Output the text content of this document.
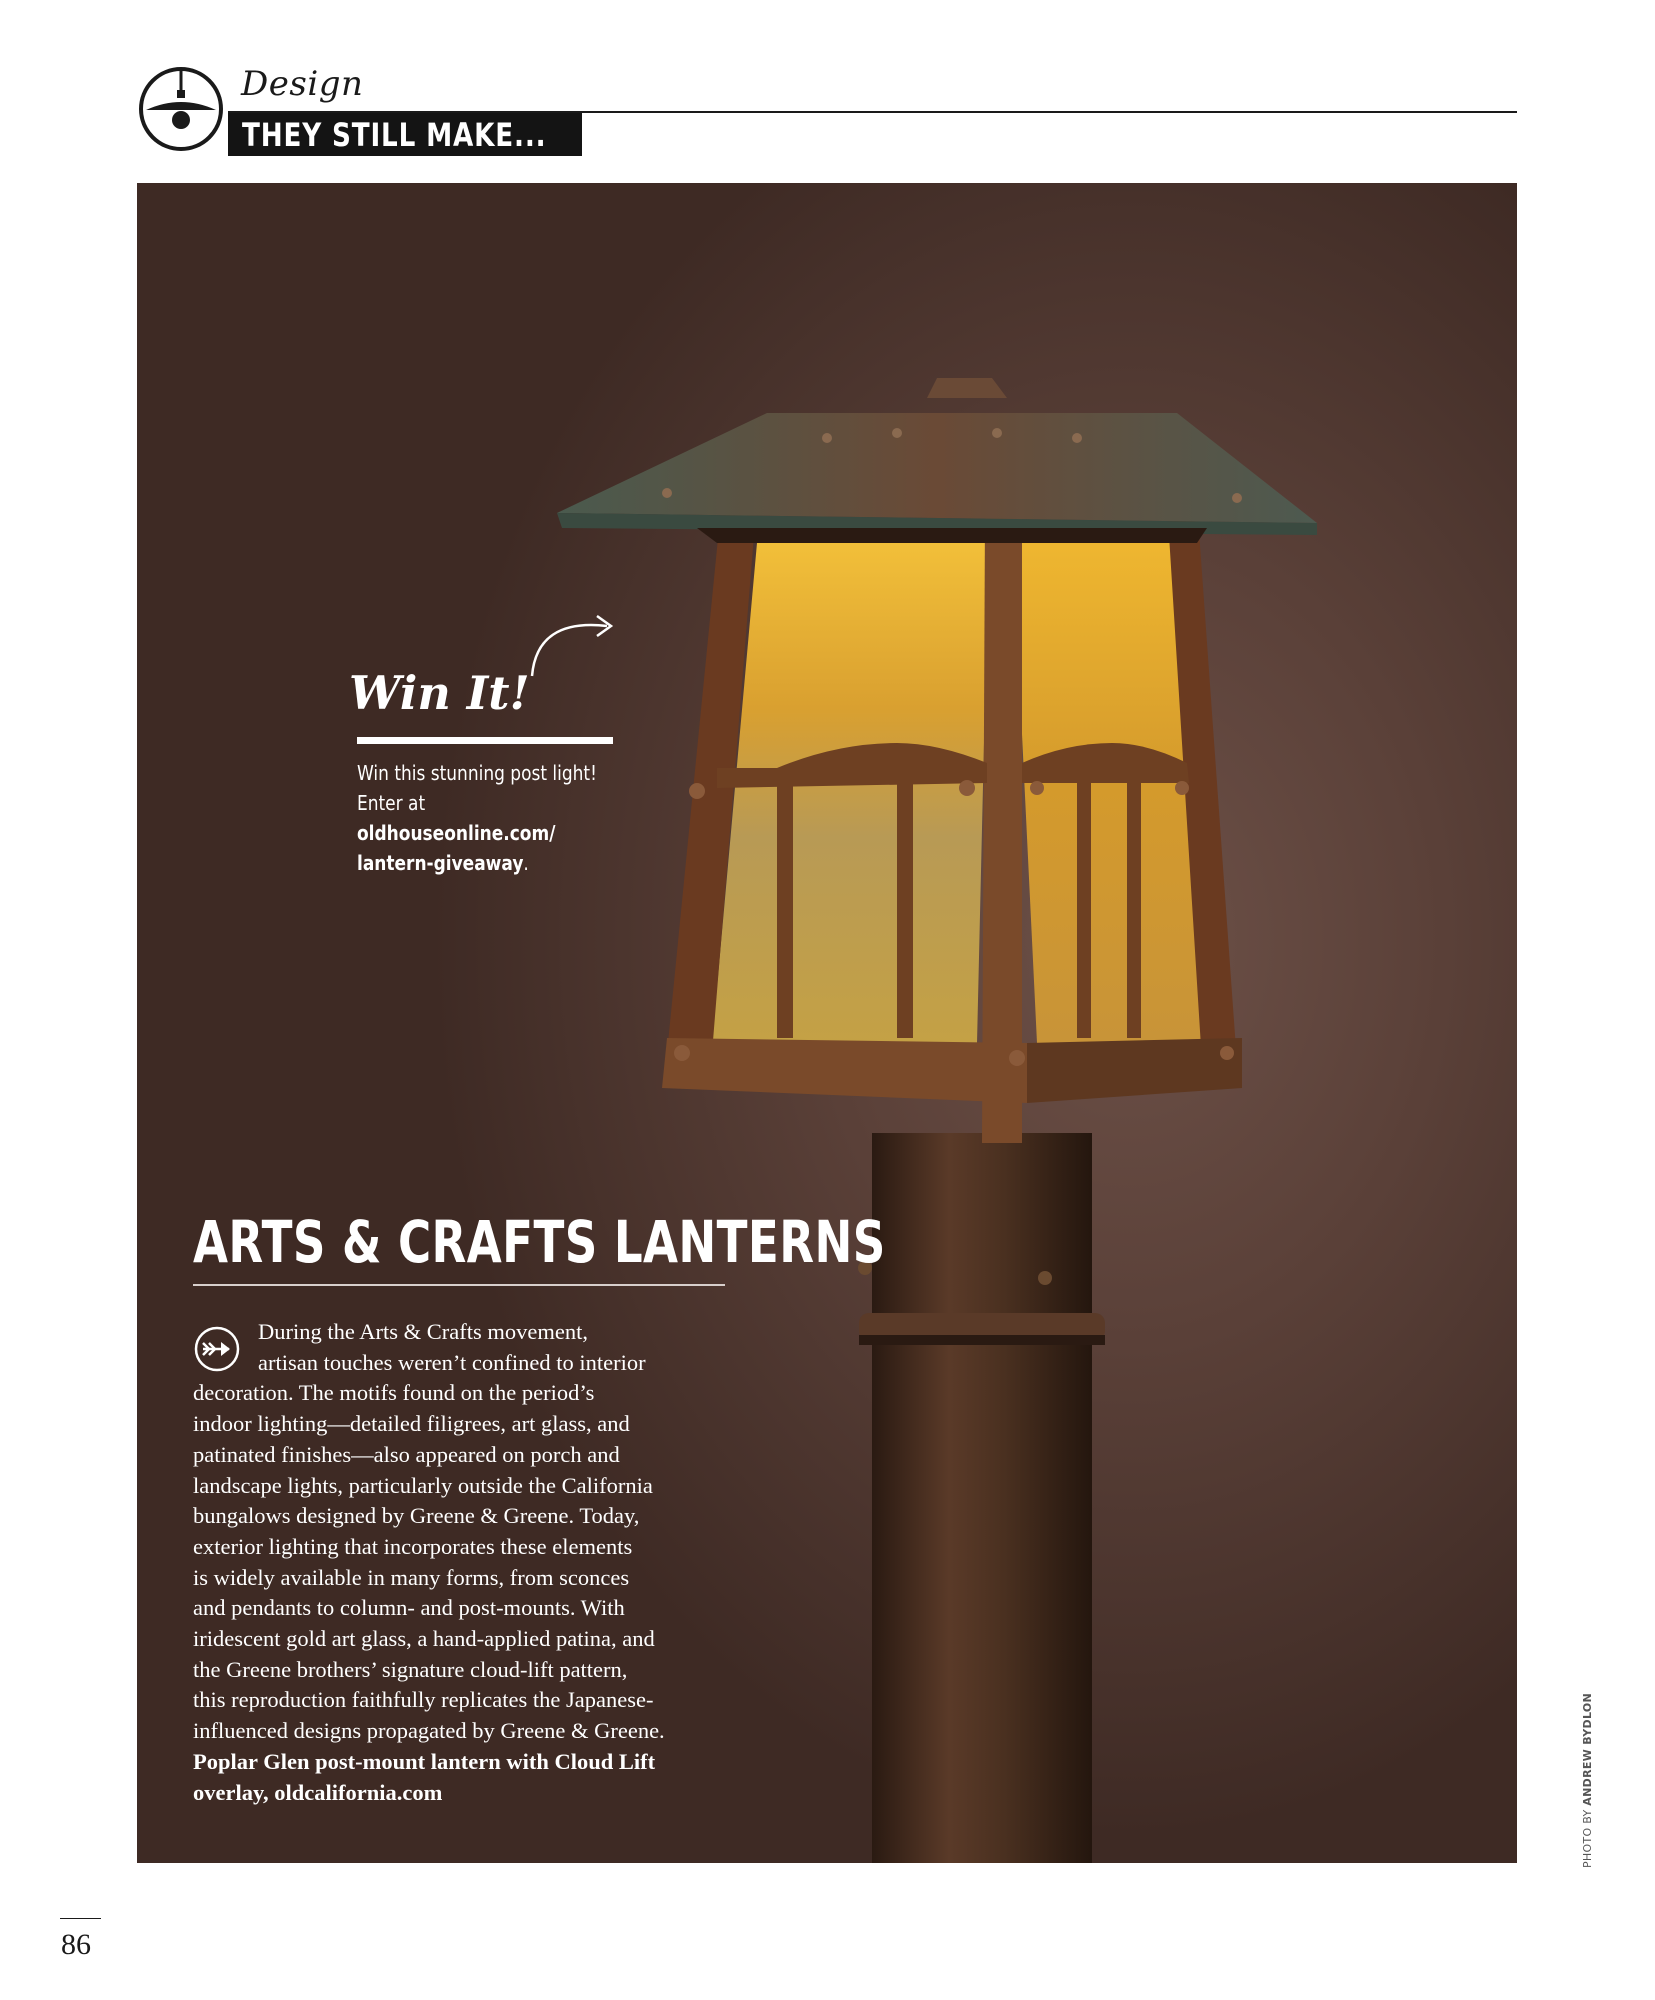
Design
THEY STILL MAKE...
Win It!
Win this stunning post light!
Enter at oldhouseonline.com/
lantern-giveaway.
ARTS & CRAFTS LANTERNS
During the Arts & Crafts movement,
artisan touches weren’t confined to interior
decoration. The motifs found on the period’s
indoor lighting—detailed filigrees, art glass, and
patinated finishes—also appeared on porch and
landscape lights, particularly outside the California
bungalows designed by Greene & Greene. Today,
exterior lighting that incorporates these elements
is widely available in many forms, from sconces
and pendants to column- and post-mounts. With
iridescent gold art glass, a hand-applied patina, and
the Greene brothers’ signature cloud-lift pattern,
this reproduction faithfully replicates the Japanese-
influenced designs propagated by Greene & Greene.
Poplar Glen post-mount lantern with Cloud Lift
overlay, oldcalifornia.com
PHOTO BY ANDREW BYDLON
86
